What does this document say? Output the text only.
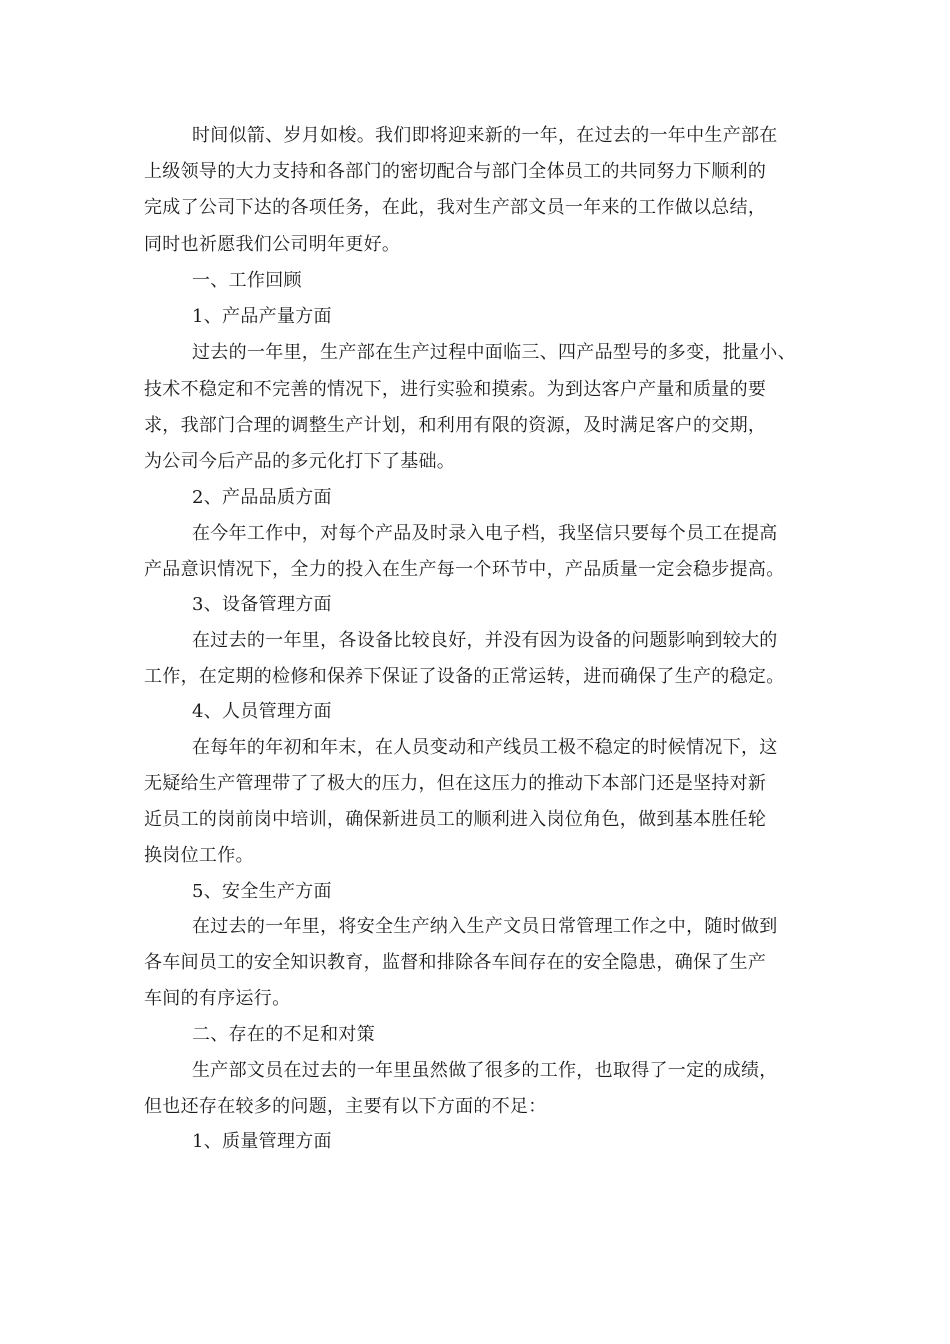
时间似箭、岁月如梭。我们即将迎来新的一年，在过去的一年中生产部在
上级领导的大力支持和各部门的密切配合与部门全体员工的共同努力下顺利的
完成了公司下达的各项任务，在此，我对生产部文员一年来的工作做以总结，
同时也祈愿我们公司明年更好。
一、工作回顾
1、产品产量方面
过去的一年里，生产部在生产过程中面临三、四产品型号的多变，批量小、
技术不稳定和不完善的情况下，进行实验和摸索。为到达客户产量和质量的要
求，我部门合理的调整生产计划，和利用有限的资源，及时满足客户的交期，
为公司今后产品的多元化打下了基础。
2、产品品质方面
在今年工作中，对每个产品及时录入电子档，我坚信只要每个员工在提高
产品意识情况下，全力的投入在生产每一个环节中，产品质量一定会稳步提高。
3、设备管理方面
在过去的一年里，各设备比较良好，并没有因为设备的问题影响到较大的
工作，在定期的检修和保养下保证了设备的正常运转，进而确保了生产的稳定。
4、人员管理方面
在每年的年初和年末，在人员变动和产线员工极不稳定的时候情况下，这
无疑给生产管理带了了极大的压力，但在这压力的推动下本部门还是坚持对新
近员工的岗前岗中培训，确保新进员工的顺利进入岗位角色，做到基本胜任轮
换岗位工作。
5、安全生产方面
在过去的一年里，将安全生产纳入生产文员日常管理工作之中，随时做到
各车间员工的安全知识教育，监督和排除各车间存在的安全隐患，确保了生产
车间的有序运行。
二、存在的不足和对策
生产部文员在过去的一年里虽然做了很多的工作，也取得了一定的成绩，
但也还存在较多的问题，主要有以下方面的不足：
1、质量管理方面
